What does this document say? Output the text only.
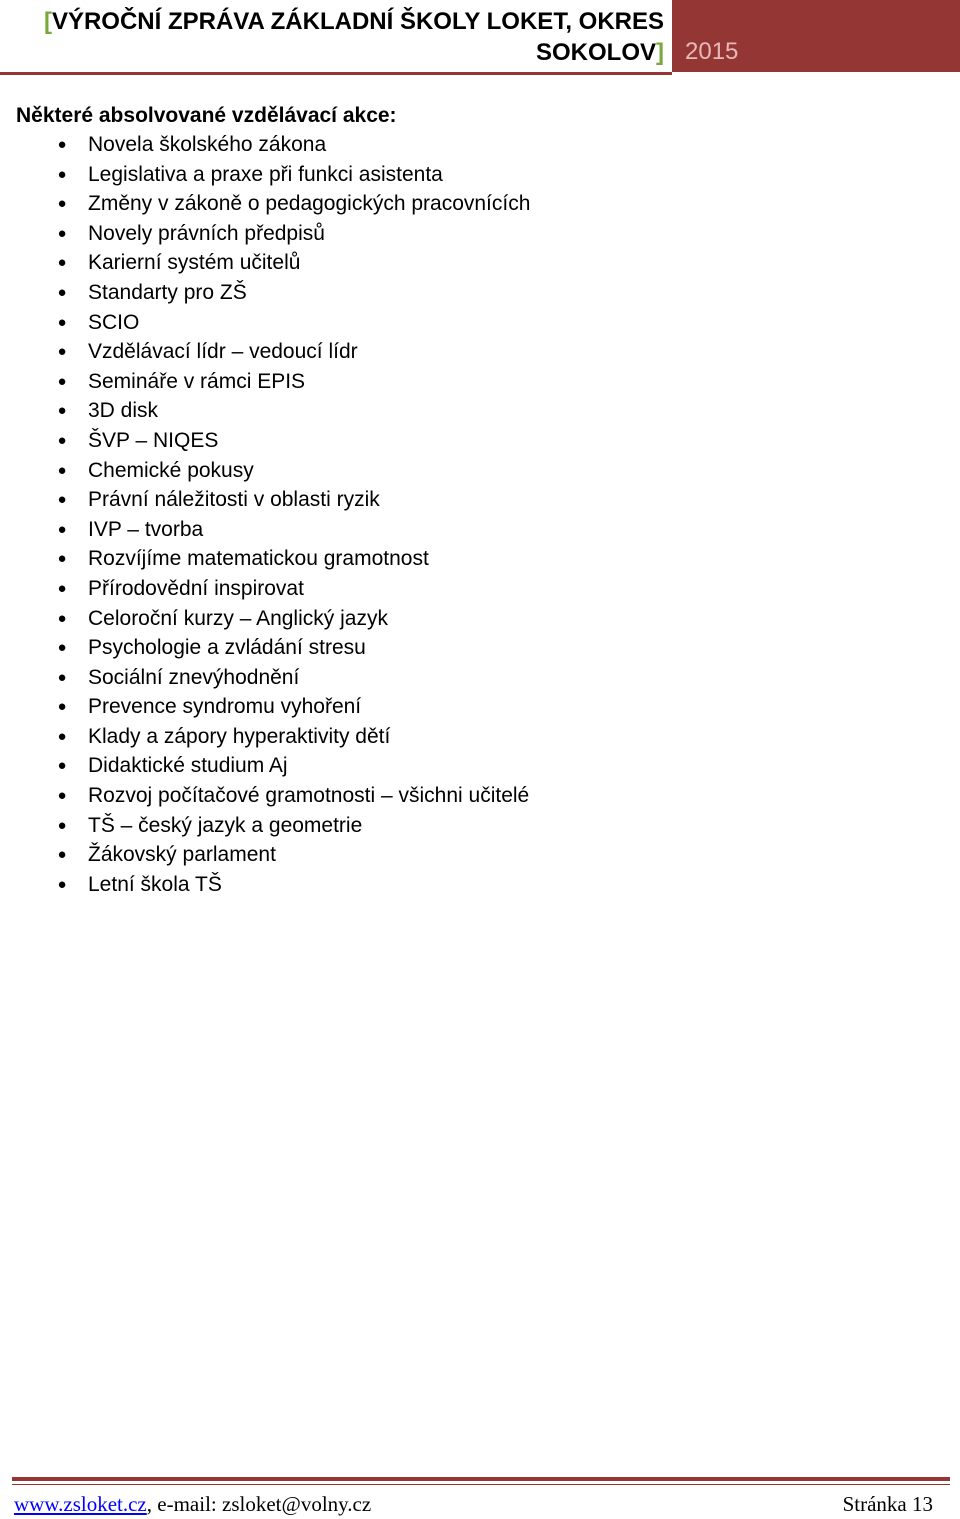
[VÝROČNÍ ZPRÁVA ZÁKLADNÍ ŠKOLY LOKET, OKRES
SOKOLOV] 2015
Některé absolvované vzdělávací akce:
● Novela školského zákona
● Legislativa a praxe při funkci asistenta
● Změny v zákoně o pedagogických pracovnících
● Novely právních předpisů
● Karierní systém učitelů
● Standarty pro ZŠ
● SCIO
● Vzdělávací lídr – vedoucí lídr
● Semináře v rámci EPIS
● 3D disk
● ŠVP – NIQES
● Chemické pokusy
● Právní náležitosti v oblasti ryzik
● IVP – tvorba
● Rozvíjíme matematickou gramotnost
● Přírodovědní inspirovat
● Celoroční kurzy – Anglický jazyk
● Psychologie a zvládání stresu
● Sociální znevýhodnění
● Prevence syndromu vyhoření
● Klady a zápory hyperaktivity dětí
● Didaktické studium Aj
● Rozvoj počítačové gramotnosti – všichni učitelé
● TŠ – český jazyk a geometrie
● Žákovský parlament
● Letní škola TŠ
www.zsloket.cz, e-mail: zsloket@volny.cz	Stránka 13
